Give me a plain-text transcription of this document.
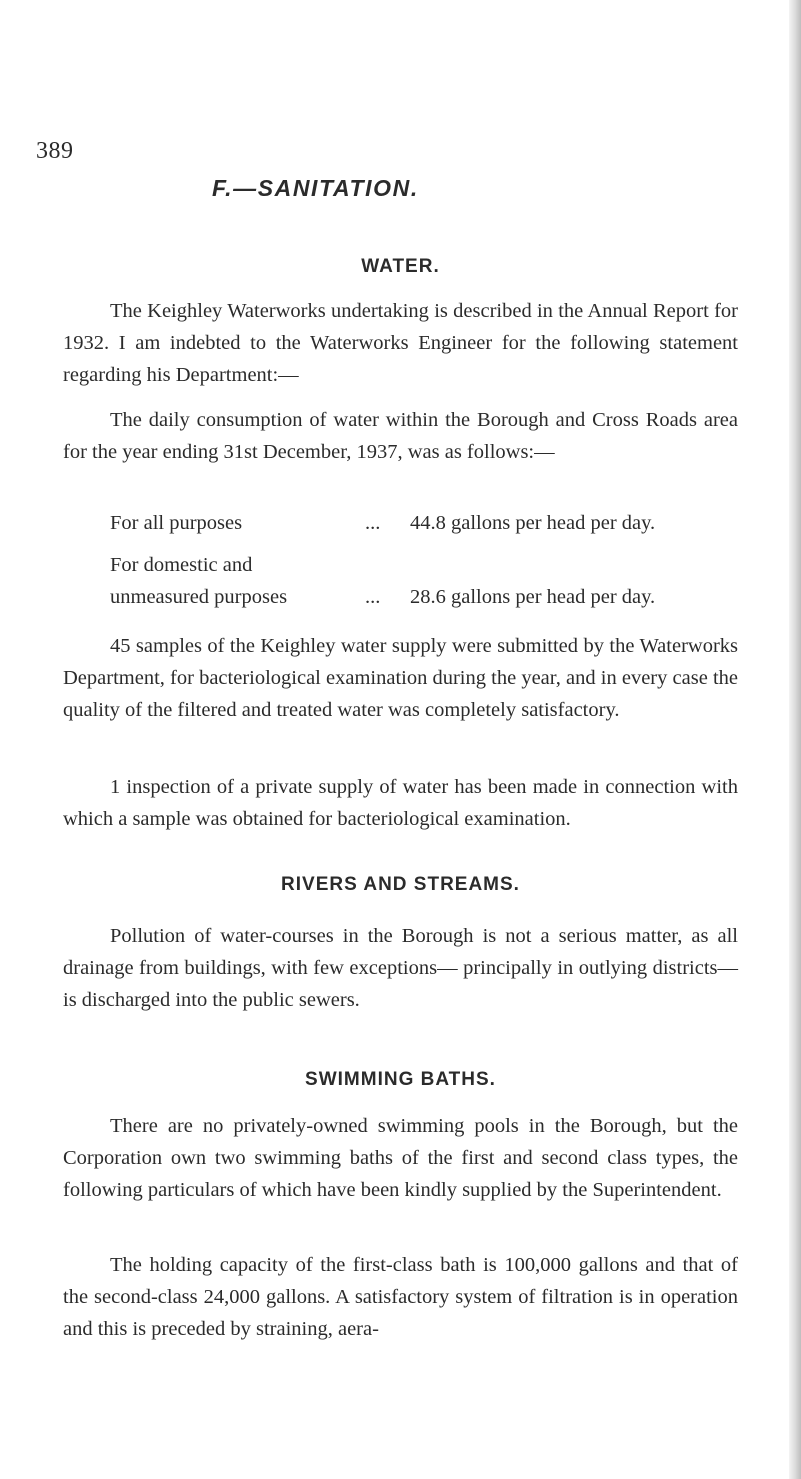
389
F.—SANITATION.
WATER.

The Keighley Waterworks undertaking is described in the Annual Report for 1932. I am indebted to the Waterworks Engineer for the following statement regarding his Department:—

The daily consumption of water within the Borough and Cross Roads area for the year ending 31st December, 1937, was as follows:—

For all purposes	... 44.8 gallons per head per day.
For domestic and
unmeasured purposes	... 28.6 gallons per head per day.

45 samples of the Keighley water supply were submitted by the Waterworks Department, for bacteriological examination during the year, and in every case the quality of the filtered and treated water was completely satisfactory.

1 inspection of a private supply of water has been made in connection with which a sample was obtained for bacteriological examination.

RIVERS AND STREAMS.

Pollution of water-courses in the Borough is not a serious matter, as all drainage from buildings, with few exceptions— principally in outlying districts—is discharged into the public sewers.

SWIMMING BATHS.

There are no privately-owned swimming pools in the Borough, but the Corporation own two swimming baths of the first and second class types, the following particulars of which have been kindly supplied by the Superintendent.

The holding capacity of the first-class bath is 100,000 gallons and that of the second-class 24,000 gallons. A satisfactory system of filtration is in operation and this is preceded by straining, aera-
